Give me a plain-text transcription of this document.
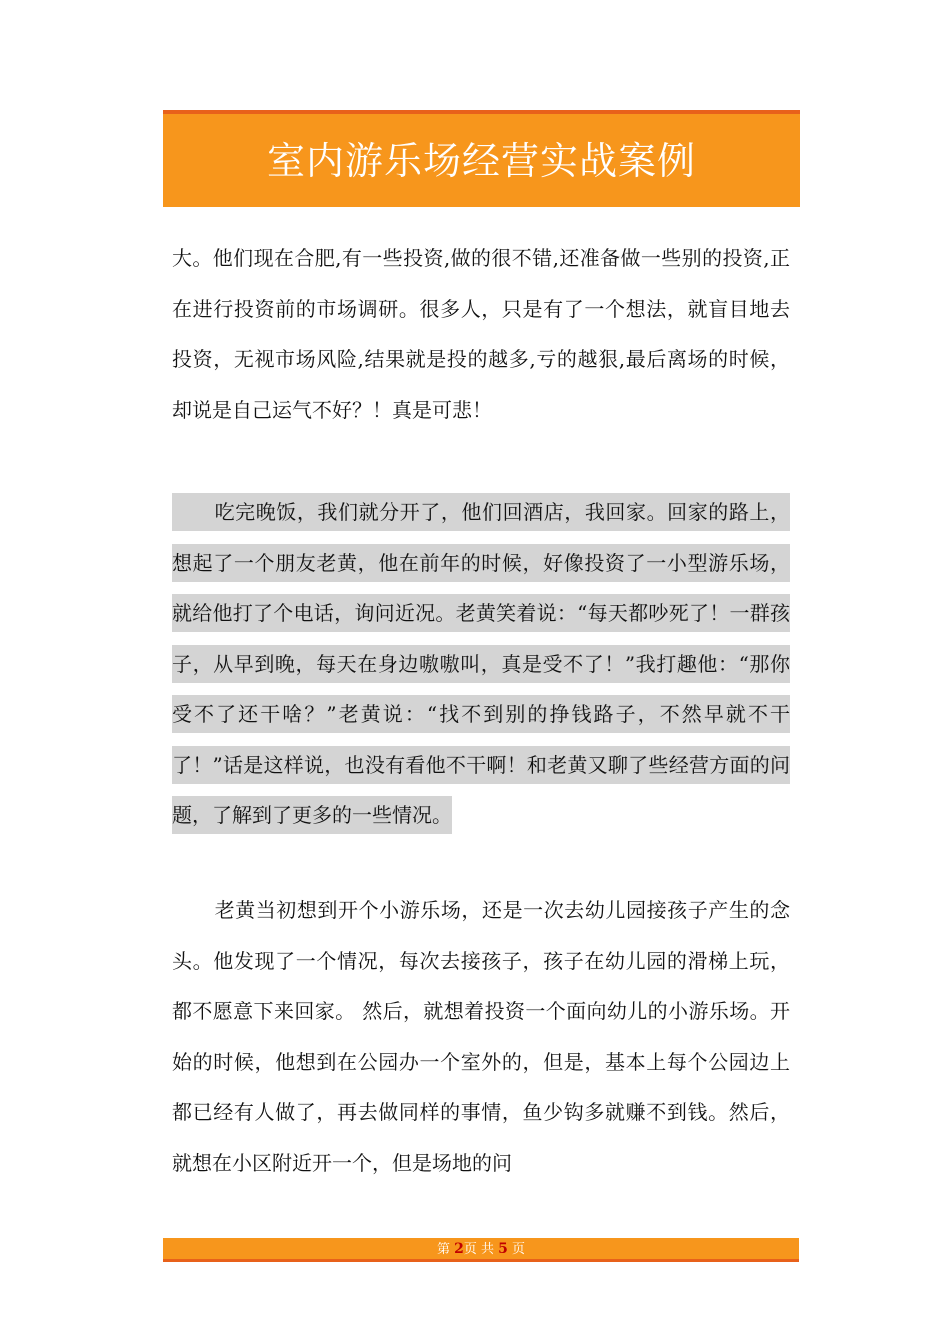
室内游乐场经营实战案例

大。他们现在合肥,有一些投资,做的很不错,还准备做一些别的投资,正在进行投资前的市场调研。很多人，只是有了一个想法，就盲目地去投资，无视市场风险,结果就是投的越多,亏的越狠,最后离场的时候，却说是自己运气不好？！真是可悲！

吃完晚饭，我们就分开了，他们回酒店，我回家。回家的路上，想起了一个朋友老黄，他在前年的时候，好像投资了一小型游乐场，就给他打了个电话，询问近况。老黄笑着说：“每天都吵死了！一群孩子，从早到晚，每天在身边嗷嗷叫，真是受不了！”我打趣他：“那你受不了还干啥？”老黄说：“找不到别的挣钱路子，不然早就不干了！”话是这样说，也没有看他不干啊！和老黄又聊了些经营方面的问题，了解到了更多的一些情况。

老黄当初想到开个小游乐场，还是一次去幼儿园接孩子产生的念头。他发现了一个情况，每次去接孩子，孩子在幼儿园的滑梯上玩，都不愿意下来回家。 然后，就想着投资一个面向幼儿的小游乐场。开始的时候，他想到在公园办一个室外的，但是，基本上每个公园边上都已经有人做了，再去做同样的事情，鱼少钩多就赚不到钱。然后，就想在小区附近开一个，但是场地的问

第 2页 共 5 页
